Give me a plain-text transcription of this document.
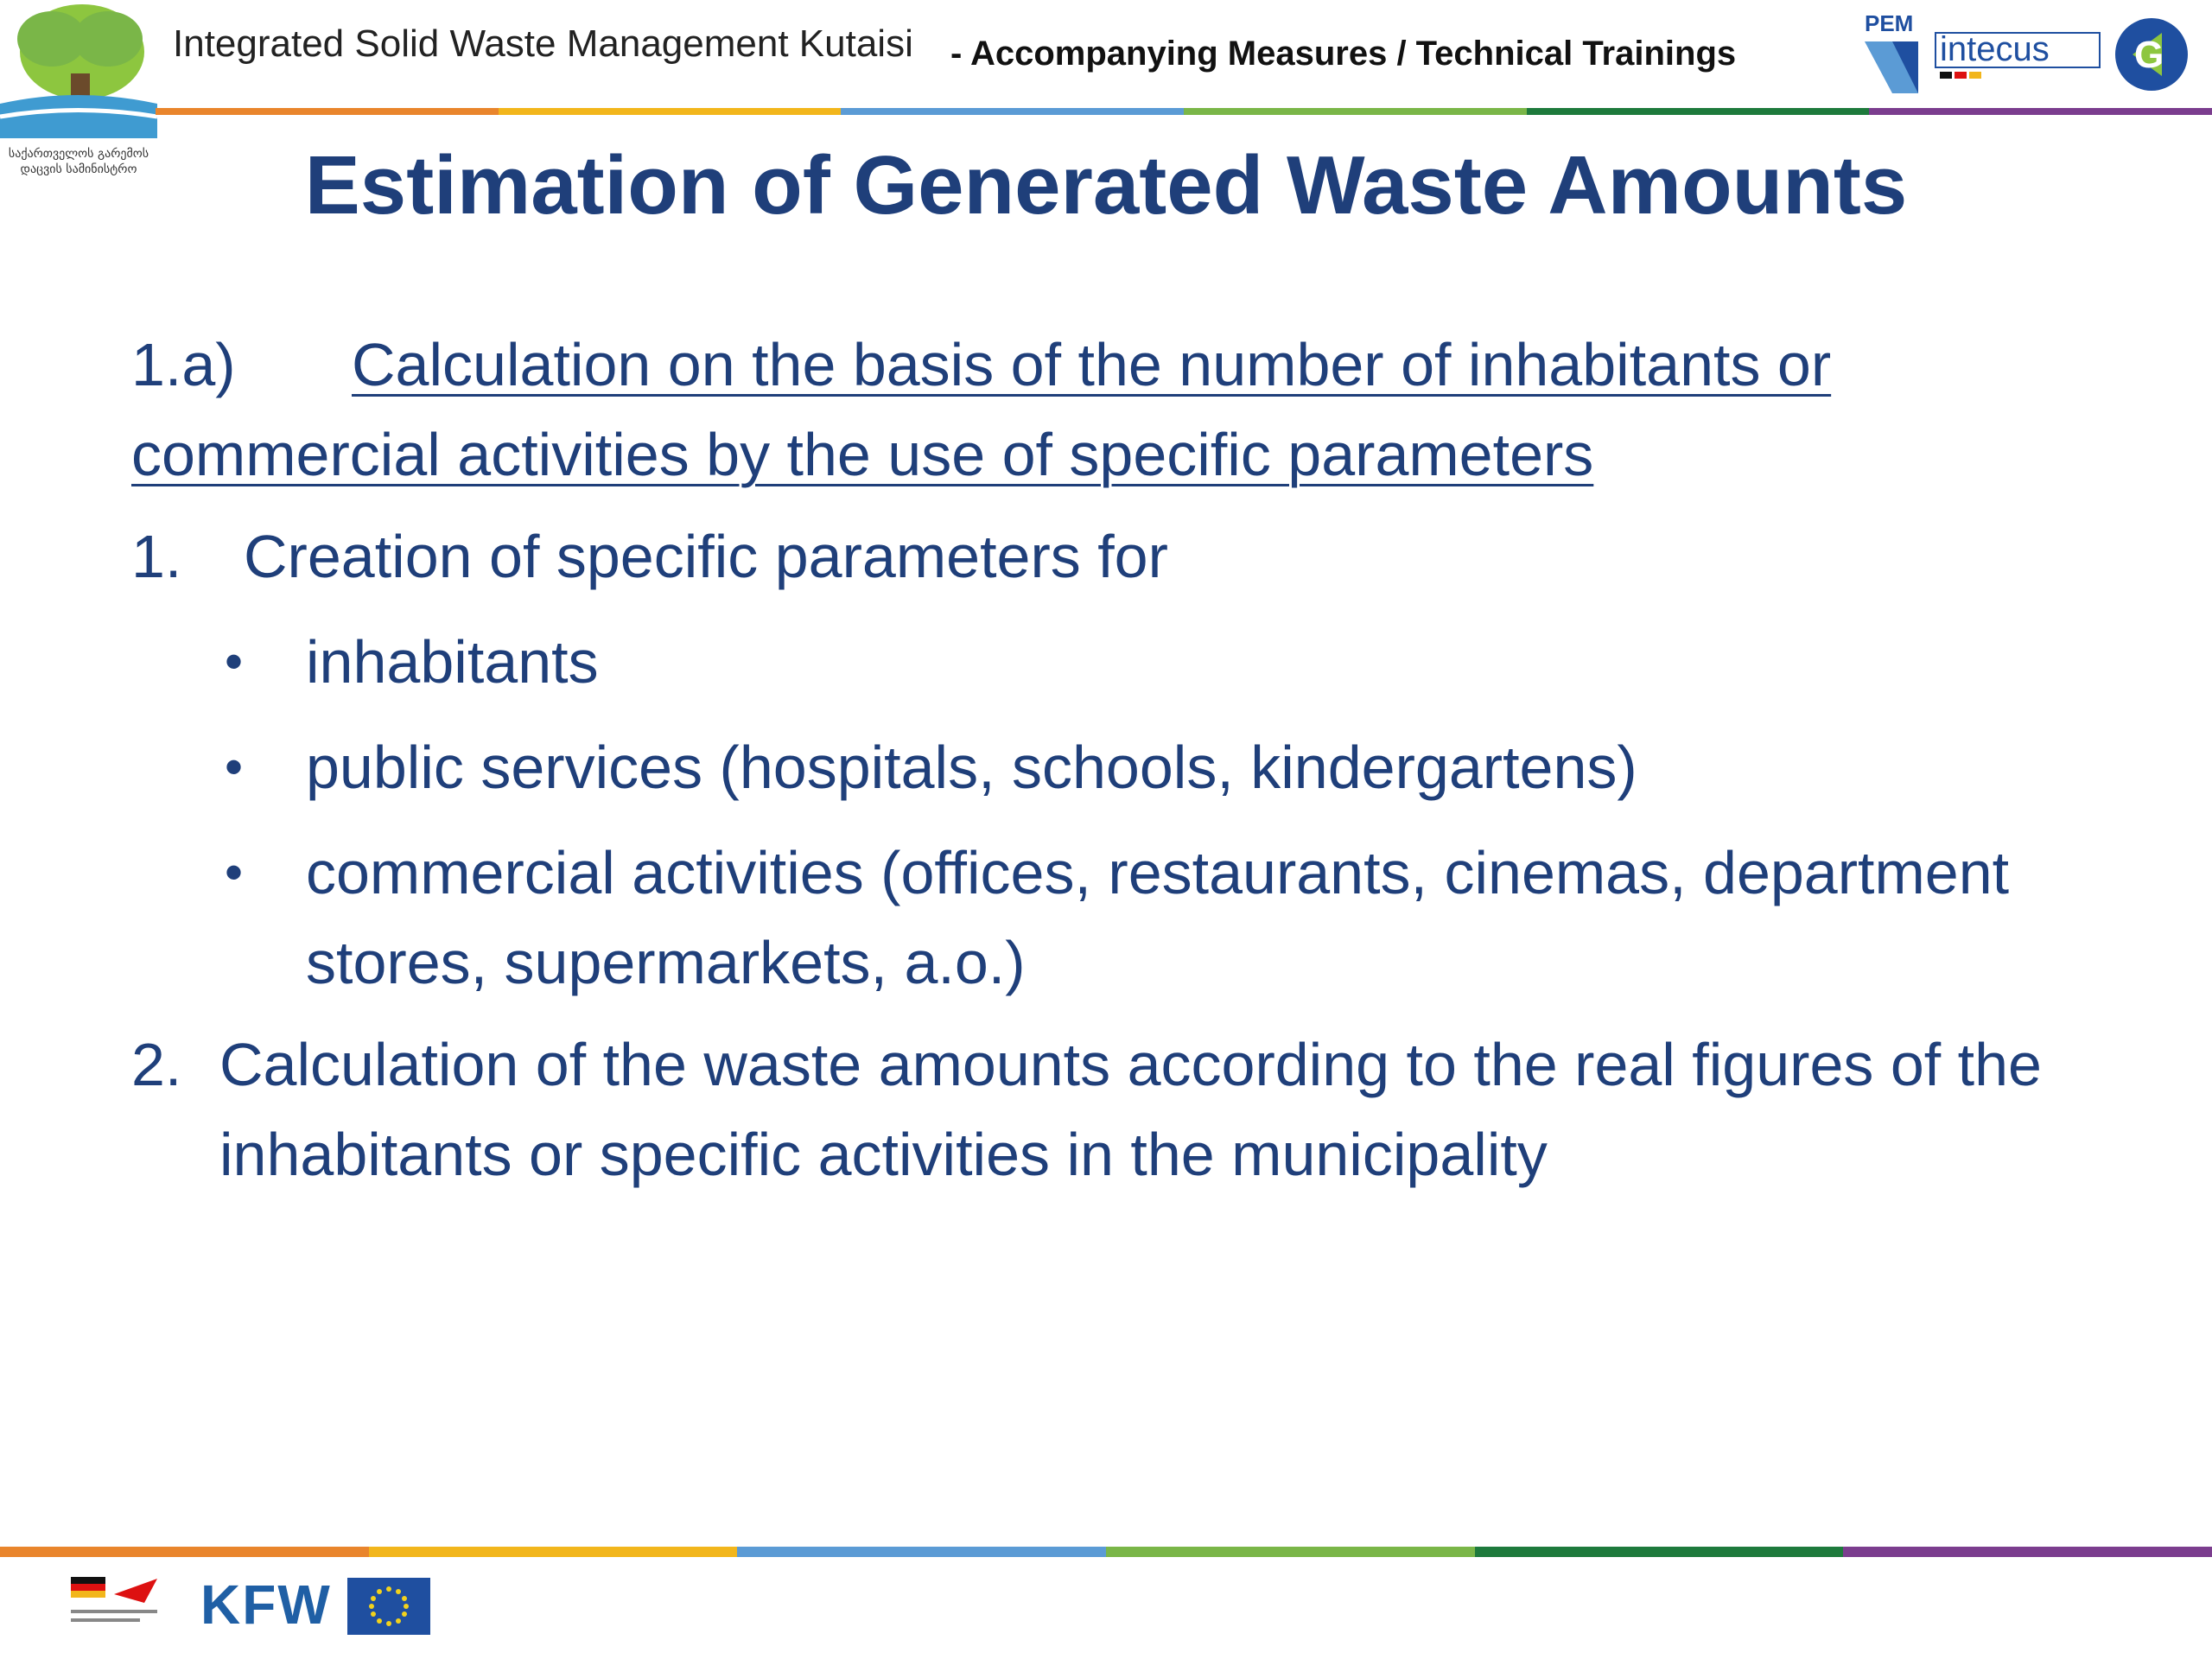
საქართველოს გარემოს
დაცვის სამინისტრო
Integrated Solid Waste Management Kutaisi - Accompanying Measures / Technical Trainings
PEM
intecus G
Estimation of Generated Waste Amounts
1.a) Calculation on the basis of the number of inhabitants or commercial activities by the use of specific parameters
1. Creation of specific parameters for
• inhabitants
• public services (hospitals, schools, kindergartens)
• commercial activities (offices, restaurants, cinemas, department stores, supermarkets, a.o.)
2. Calculation of the waste amounts according to the real figures of the inhabitants or specific activities in the municipality
KFW
